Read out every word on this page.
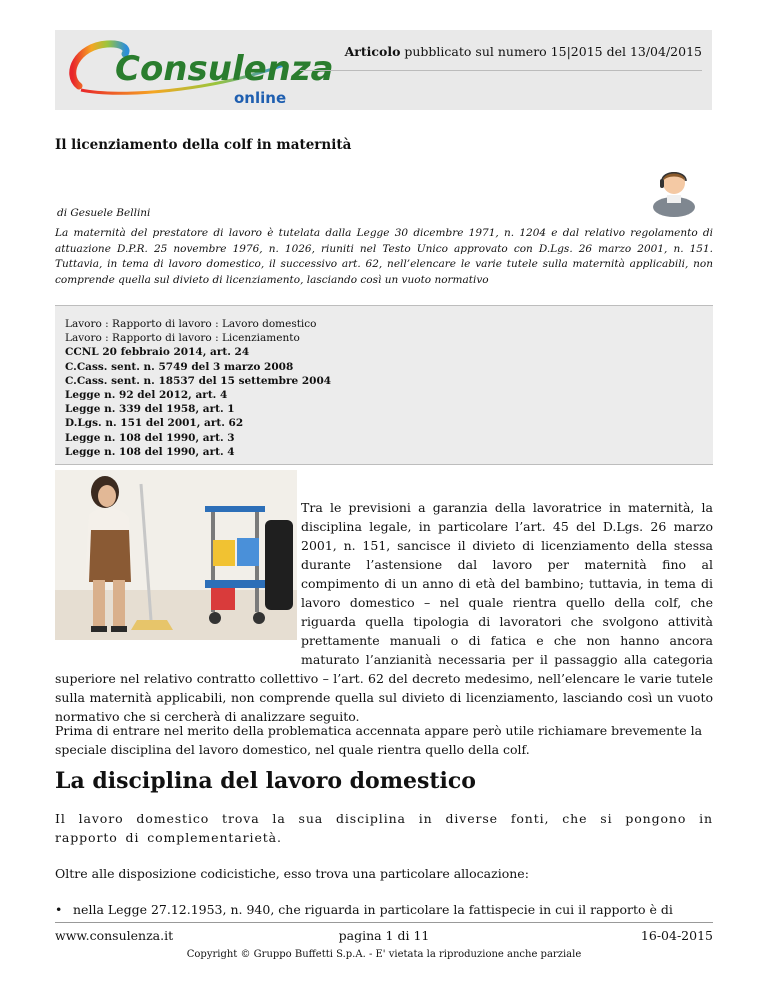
Consulenza
online
Articolo pubblicato sul numero 15|2015 del 13/04/2015
Il licenziamento della colf in maternità
di Gesuele Bellini
La maternità del prestatore di lavoro è tutelata dalla Legge 30 dicembre 1971, n. 1204 e dal relativo regolamento di attuazione D.P.R. 25 novembre 1976, n. 1026, riuniti nel Testo Unico approvato con D.Lgs. 26 marzo 2001, n. 151. Tuttavia, in tema di lavoro domestico, il successivo art. 62, nell’elencare le varie tutele sulla maternità applicabili, non comprende quella sul divieto di licenziamento, lasciando così un vuoto normativo
Lavoro : Rapporto di lavoro : Lavoro domestico
Lavoro : Rapporto di lavoro : Licenziamento
CCNL 20 febbraio 2014, art. 24
C.Cass. sent. n. 5749 del 3 marzo 2008
C.Cass. sent. n. 18537 del 15 settembre 2004
Legge n. 92 del 2012, art. 4
Legge n. 339 del 1958, art. 1
D.Lgs. n. 151 del 2001, art. 62
Legge n. 108 del 1990, art. 3
Legge n. 108 del 1990, art. 4
Tra le previsioni a garanzia della lavoratrice in maternità, la disciplina legale, in particolare l’art. 45 del D.Lgs. 26 marzo 2001, n. 151, sancisce il divieto di licenziamento della stessa durante l’astensione dal lavoro per maternità fino al compimento di un anno di età del bambino; tuttavia, in tema di lavoro domestico – nel quale rientra quello della colf, che riguarda quella tipologia di lavoratori che svolgono attività prettamente manuali o di fatica e che non hanno ancora maturato l’anzianità necessaria per il passaggio alla categoria superiore nel relativo contratto collettivo – l’art. 62 del decreto medesimo, nell’elencare le varie tutele sulla maternità applicabili, non comprende quella sul divieto di licenziamento, lasciando così un vuoto normativo che si cercherà di analizzare seguito.
Prima di entrare nel merito della problematica accennata appare però utile richiamare brevemente la speciale disciplina del lavoro domestico, nel quale rientra quello della colf.
La disciplina del lavoro domestico
Il lavoro domestico trova la sua disciplina in diverse fonti, che si pongono in rapporto di complementarietà.
Oltre alle disposizione codicistiche, esso trova una particolare allocazione:
• nella Legge 27.12.1953, n. 940, che riguarda in particolare la fattispecie in cui il rapporto è di
www.consulenza.it	pagina 1 di 11	16-04-2015
Copyright © Gruppo Buffetti S.p.A. - E' vietata la riproduzione anche parziale
